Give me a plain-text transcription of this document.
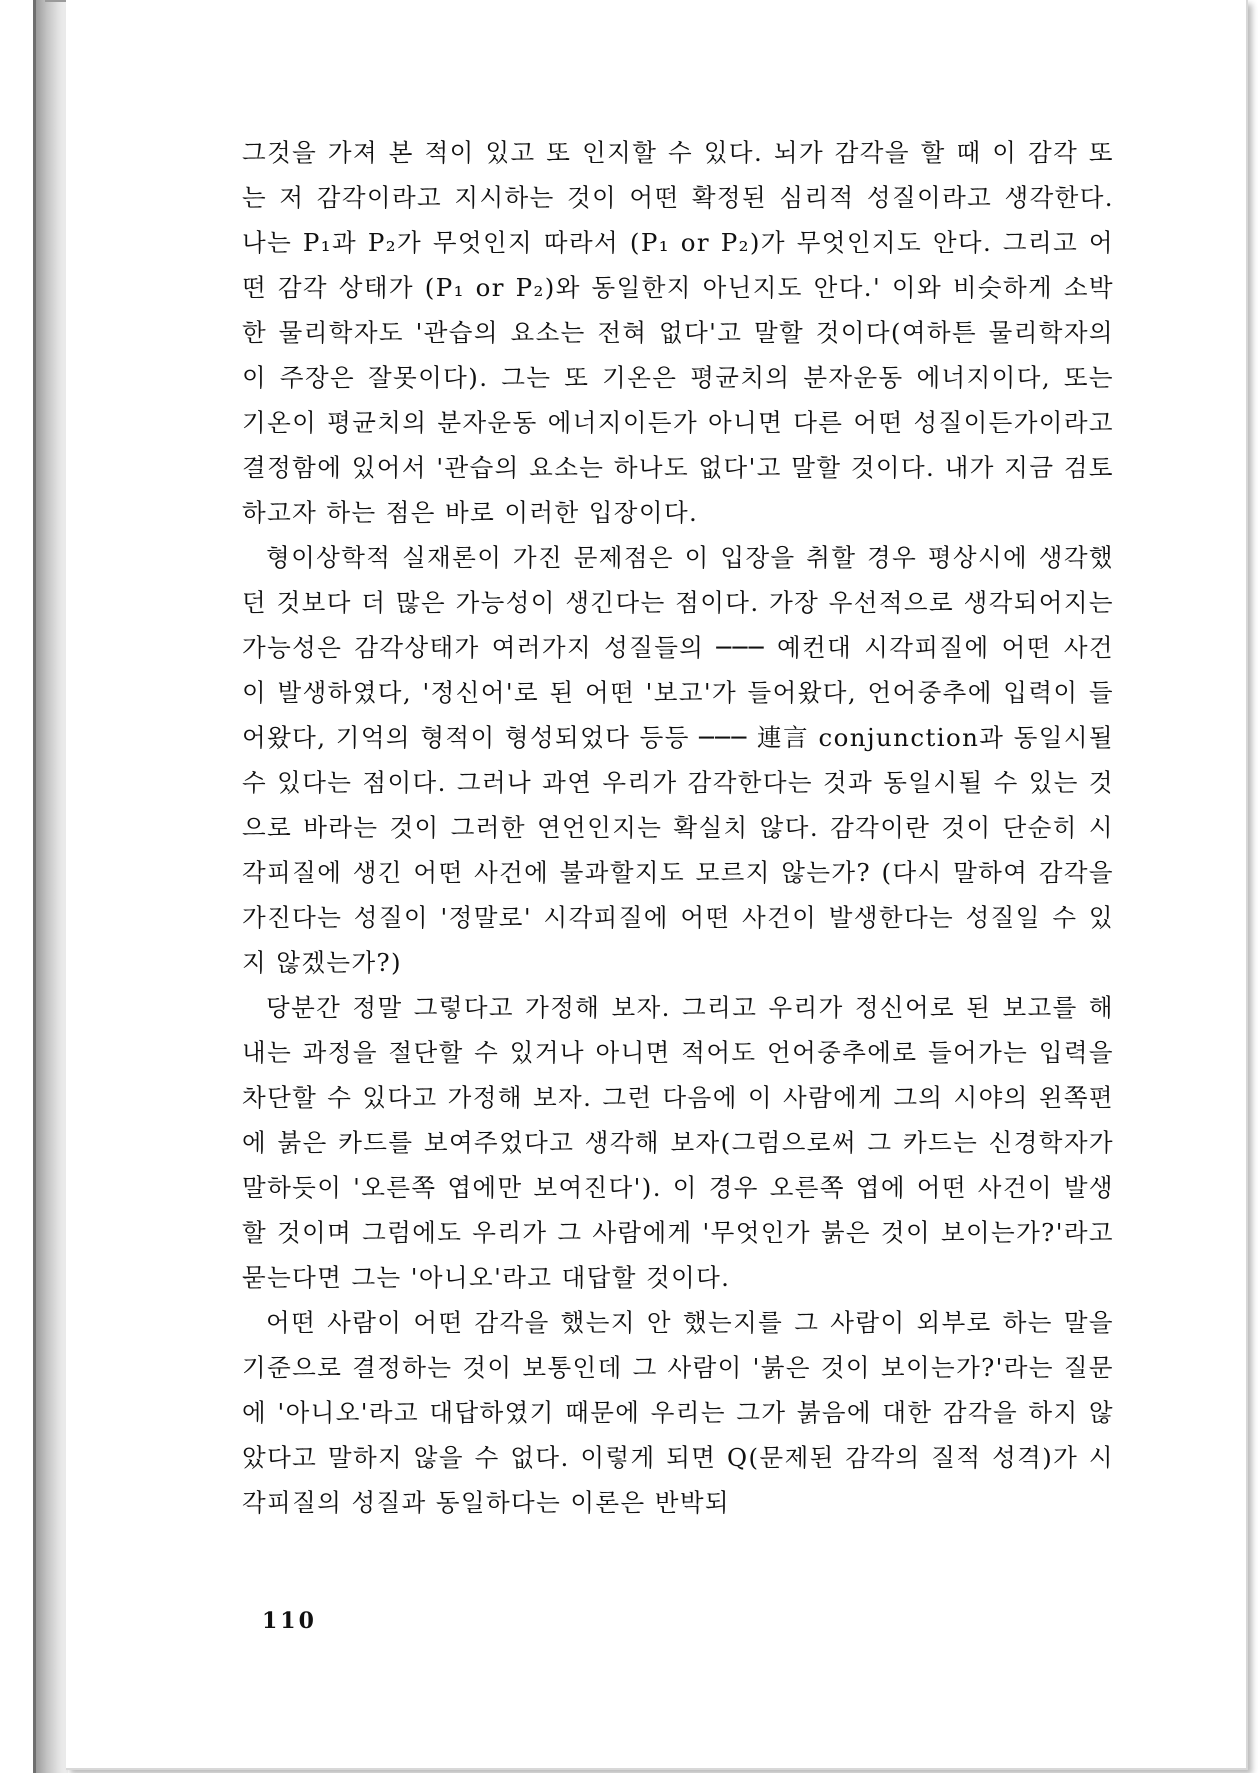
그것을 가져 본 적이 있고 또 인지할 수 있다. 뇌가 감각을 할 때 이 감각 또는 저 감각이라고 지시하는 것이 어떤 확정된 심리적 성질이라고 생각한다. 나는 P₁과 P₂가 무엇인지 따라서 (P₁ or P₂)가 무엇인지도 안다. 그리고 어떤 감각 상태가 (P₁ or P₂)와 동일한지 아닌지도 안다.' 이와 비슷하게 소박한 물리학자도 '관습의 요소는 전혀 없다'고 말할 것이다(여하튼 물리학자의 이 주장은 잘못이다). 그는 또 기온은 평균치의 분자운동 에너지이다, 또는 기온이 평균치의 분자운동 에너지이든가 아니면 다른 어떤 성질이든가이라고 결정함에 있어서 '관습의 요소는 하나도 없다'고 말할 것이다. 내가 지금 검토하고자 하는 점은 바로 이러한 입장이다.

형이상학적 실재론이 가진 문제점은 이 입장을 취할 경우 평상시에 생각했던 것보다 더 많은 가능성이 생긴다는 점이다. 가장 우선적으로 생각되어지는 가능성은 감각상태가 여러가지 성질들의 ─── 예컨대 시각피질에 어떤 사건이 발생하였다, '정신어'로 된 어떤 '보고'가 들어왔다, 언어중추에 입력이 들어왔다, 기억의 형적이 형성되었다 등등 ─── 連言 conjunction과 동일시될 수 있다는 점이다. 그러나 과연 우리가 감각한다는 것과 동일시될 수 있는 것으로 바라는 것이 그러한 연언인지는 확실치 않다. 감각이란 것이 단순히 시각피질에 생긴 어떤 사건에 불과할지도 모르지 않는가? (다시 말하여 감각을 가진다는 성질이 '정말로' 시각피질에 어떤 사건이 발생한다는 성질일 수 있지 않겠는가?)

당분간 정말 그렇다고 가정해 보자. 그리고 우리가 정신어로 된 보고를 해내는 과정을 절단할 수 있거나 아니면 적어도 언어중추에로 들어가는 입력을 차단할 수 있다고 가정해 보자. 그런 다음에 이 사람에게 그의 시야의 왼쪽편에 붉은 카드를 보여주었다고 생각해 보자(그럼으로써 그 카드는 신경학자가 말하듯이 '오른쪽 엽에만 보여진다'). 이 경우 오른쪽 엽에 어떤 사건이 발생할 것이며 그럼에도 우리가 그 사람에게 '무엇인가 붉은 것이 보이는가?'라고 묻는다면 그는 '아니오'라고 대답할 것이다.

어떤 사람이 어떤 감각을 했는지 안 했는지를 그 사람이 외부로 하는 말을 기준으로 결정하는 것이 보통인데 그 사람이 '붉은 것이 보이는가?'라는 질문에 '아니오'라고 대답하였기 때문에 우리는 그가 붉음에 대한 감각을 하지 않았다고 말하지 않을 수 없다. 이렇게 되면 Q(문제된 감각의 질적 성격)가 시각피질의 성질과 동일하다는 이론은 반박되

110
